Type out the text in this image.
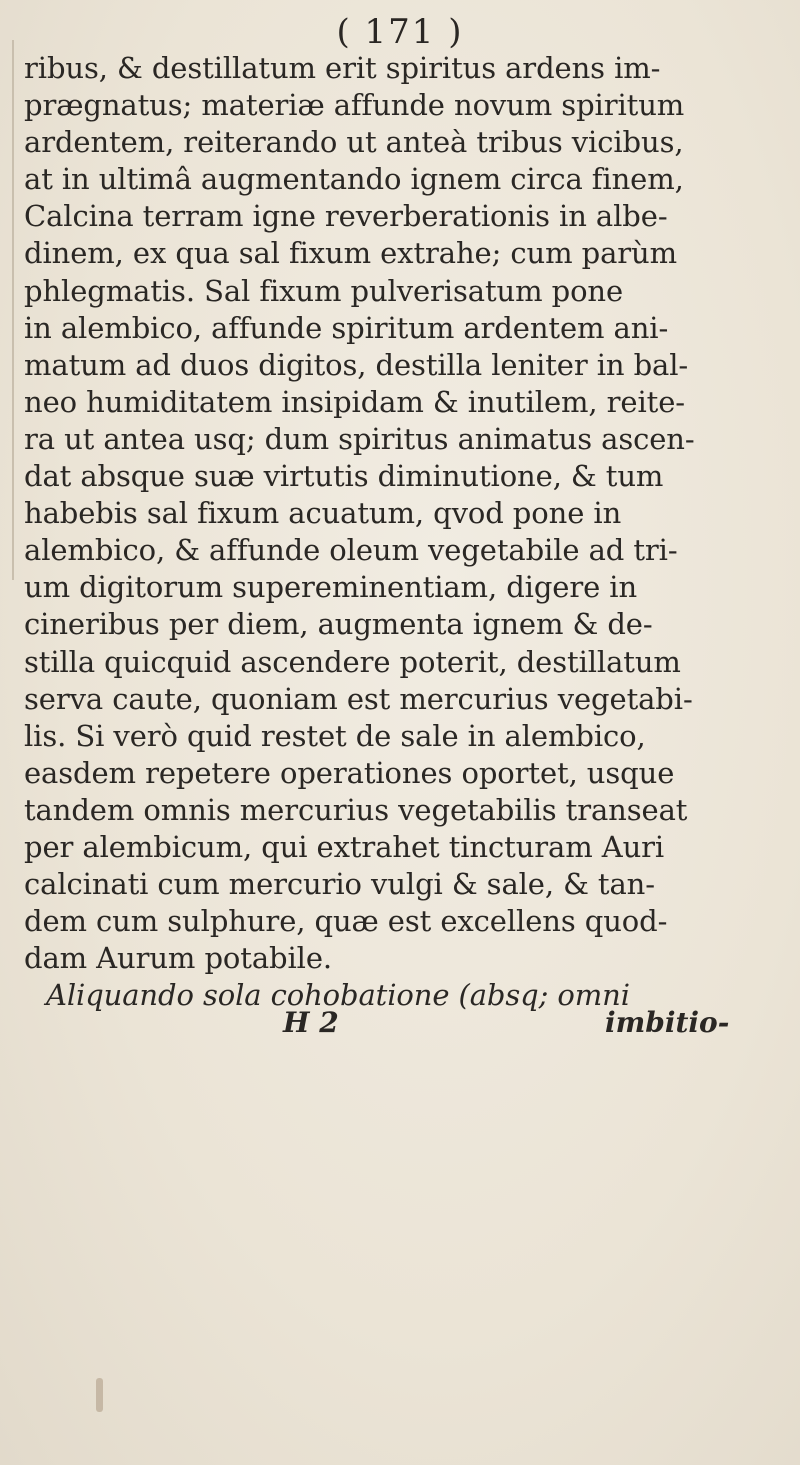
( 171 )
ribus, & destillatum erit spiritus ardens im-
prægnatus; materiæ affunde novum spiritum
ardentem, reiterando ut anteà tribus vicibus,
at in ultimâ augmentando ignem circa finem,
Calcina terram igne reverberationis in albe-
dinem, ex qua sal fixum extrahe; cum parùm
phlegmatis. Sal fixum pulverisatum pone
in alembico, affunde spiritum ardentem ani-
matum ad duos digitos, destilla leniter in bal-
neo humiditatem insipidam & inutilem, reite-
ra ut antea usq; dum spiritus animatus ascen-
dat absque suæ virtutis diminutione, & tum
habebis sal fixum acuatum, qvod pone in
alembico, & affunde oleum vegetabile ad tri-
um digitorum supereminentiam, digere in
cineribus per diem, augmenta ignem & de-
stilla quicquid ascendere poterit, destillatum
serva caute, quoniam est mercurius vegetabi-
lis. Si verò quid restet de sale in alembico,
easdem repetere operationes oportet, usque
tandem omnis mercurius vegetabilis transeat
per alembicum, qui extrahet tincturam Auri
calcinati cum mercurio vulgi & sale, & tan-
dem cum sulphure, quæ est excellens quod-
dam Aurum potabile.
Aliquando sola cohobatione (absq; omni
H 2	imbitio-
